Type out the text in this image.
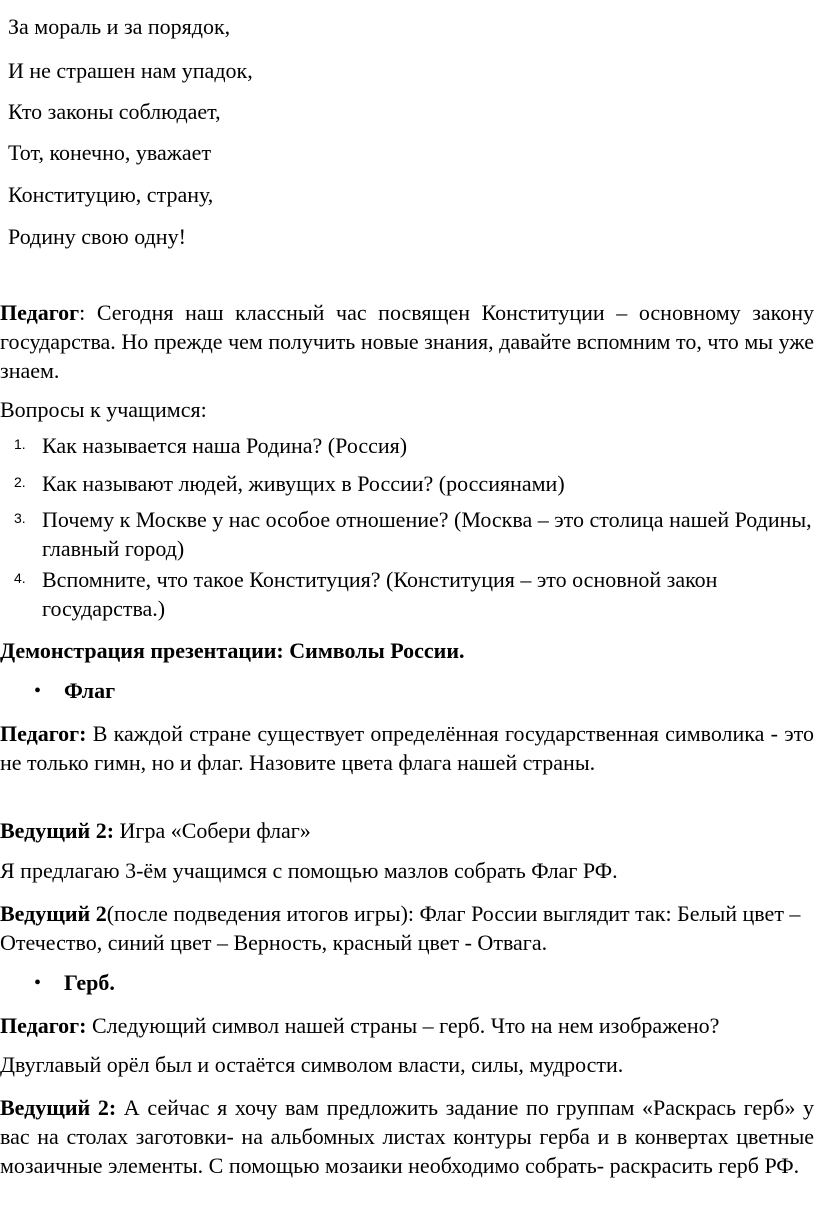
За мораль и за порядок,
И не страшен нам упадок,
Кто законы соблюдает,
Тот, конечно, уважает
Конституцию, страну,
Родину свою одну!

Педагог: Сегодня наш классный час посвящен Конституции – основному закону государства. Но прежде чем получить новые знания, давайте вспомним то, что мы уже знаем.

Вопросы к учащимся:
1. Как называется наша Родина? (Россия)
2. Как называют людей, живущих в России? (россиянами)
3. Почему к Москве у нас особое отношение? (Москва – это столица нашей Родины, главный город)
4. Вспомните, что такое Конституция? (Конституция – это основной закон государства.)
Демонстрация презентации: Символы России.
• Флаг

Педагог: В каждой стране существует определённая государственная символика - это не только гимн, но и флаг. Назовите цвета флага нашей страны.

Ведущий 2: Игра «Собери флаг»
Я предлагаю 3-ём учащимся с помощью мазлов собрать Флаг РФ.
Ведущий 2(после подведения итогов игры): Флаг России выглядит так: Белый цвет – Отечество, синий цвет – Верность, красный цвет - Отвага.
• Герб.
Педагог: Следующий символ нашей страны – герб. Что на нем изображено?
Двуглавый орёл был и остаётся символом власти, силы, мудрости.

Ведущий 2: А сейчас я хочу вам предложить задание по группам «Раскрась герб» у вас на столах заготовки- на альбомных листах контуры герба и в конвертах цветные мозаичные элементы. С помощью мозаики необходимо собрать- раскрасить герб РФ.
